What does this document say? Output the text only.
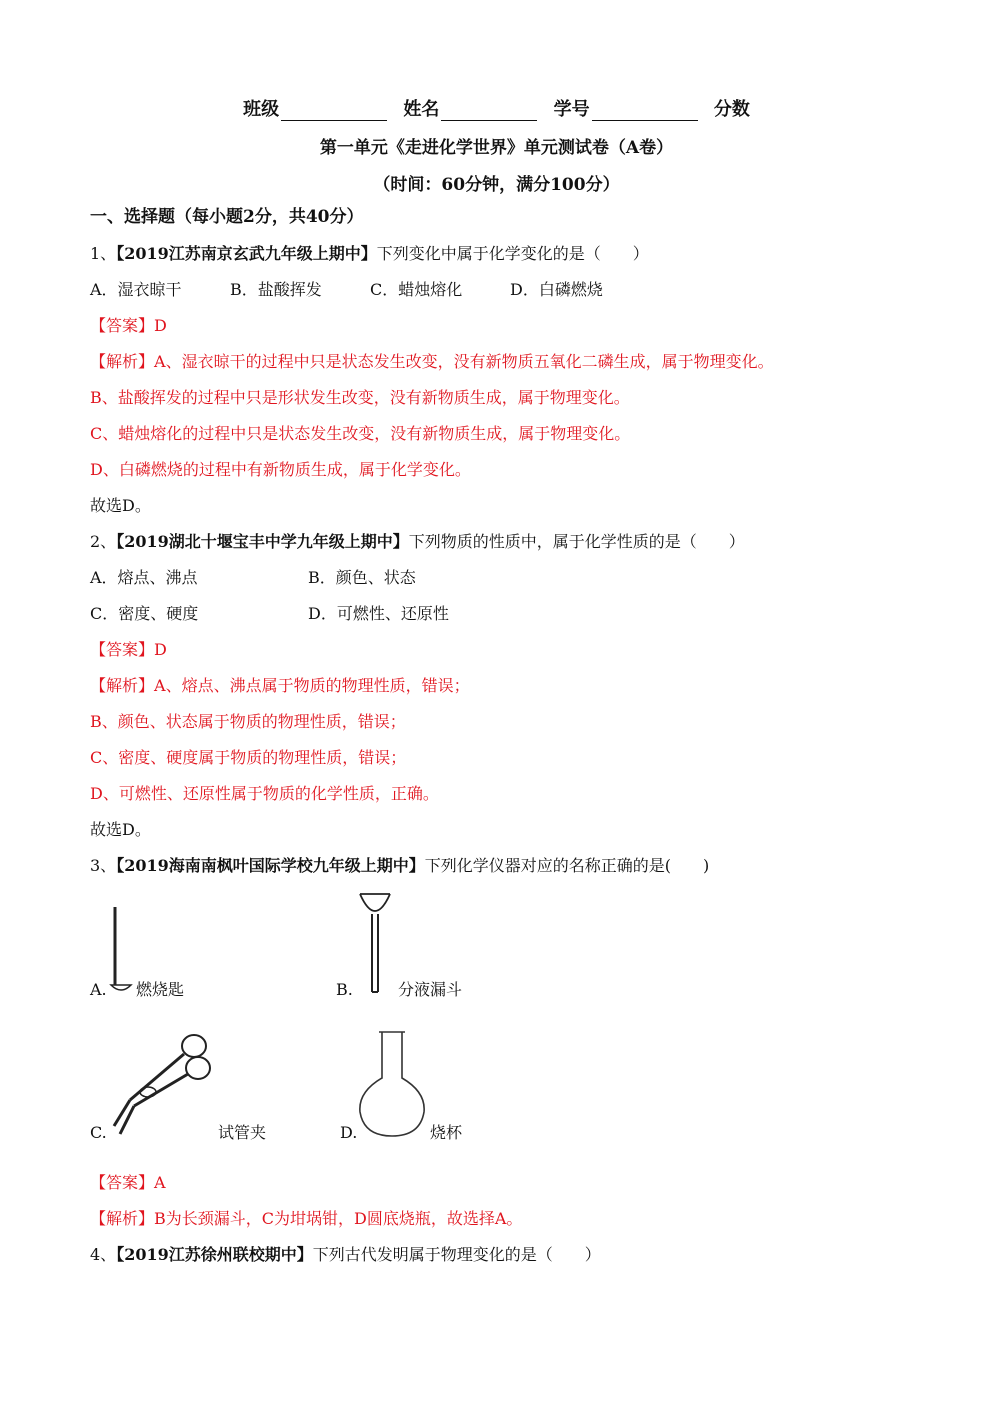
班级	姓名	学号	分数
第一单元《走进化学世界》单元测试卷（A卷）
（时间：60分钟，满分100分）
一、选择题（每小题2分，共40分）
1、【2019江苏南京玄武九年级上期中】下列变化中属于化学变化的是（　　）
A．湿衣晾干	B．盐酸挥发	C．蜡烛熔化	D．白磷燃烧
【答案】D
【解析】A、湿衣晾干的过程中只是状态发生改变，没有新物质五氧化二磷生成，属于物理变化。
B、盐酸挥发的过程中只是形状发生改变，没有新物质生成，属于物理变化。
C、蜡烛熔化的过程中只是状态发生改变，没有新物质生成，属于物理变化。
D、白磷燃烧的过程中有新物质生成，属于化学变化。
故选D。
2、【2019湖北十堰宝丰中学九年级上期中】下列物质的性质中，属于化学性质的是（　　）
A．熔点、沸点	B．颜色、状态
C．密度、硬度	D．可燃性、还原性
【答案】D
【解析】A、熔点、沸点属于物质的物理性质，错误；
B、颜色、状态属于物质的物理性质，错误；
C、密度、硬度属于物质的物理性质，错误；
D、可燃性、还原性属于物质的化学性质，正确。
故选D。
3、【2019海南南枫叶国际学校九年级上期中】下列化学仪器对应的名称正确的是(　　)
A. 燃烧匙	B.	分液漏斗
C.	试管夹	D.	烧杯
【答案】A
【解析】B为长颈漏斗，C为坩埚钳，D圆底烧瓶，故选择A。
4、【2019江苏徐州联校期中】下列古代发明属于物理变化的是（　　）
